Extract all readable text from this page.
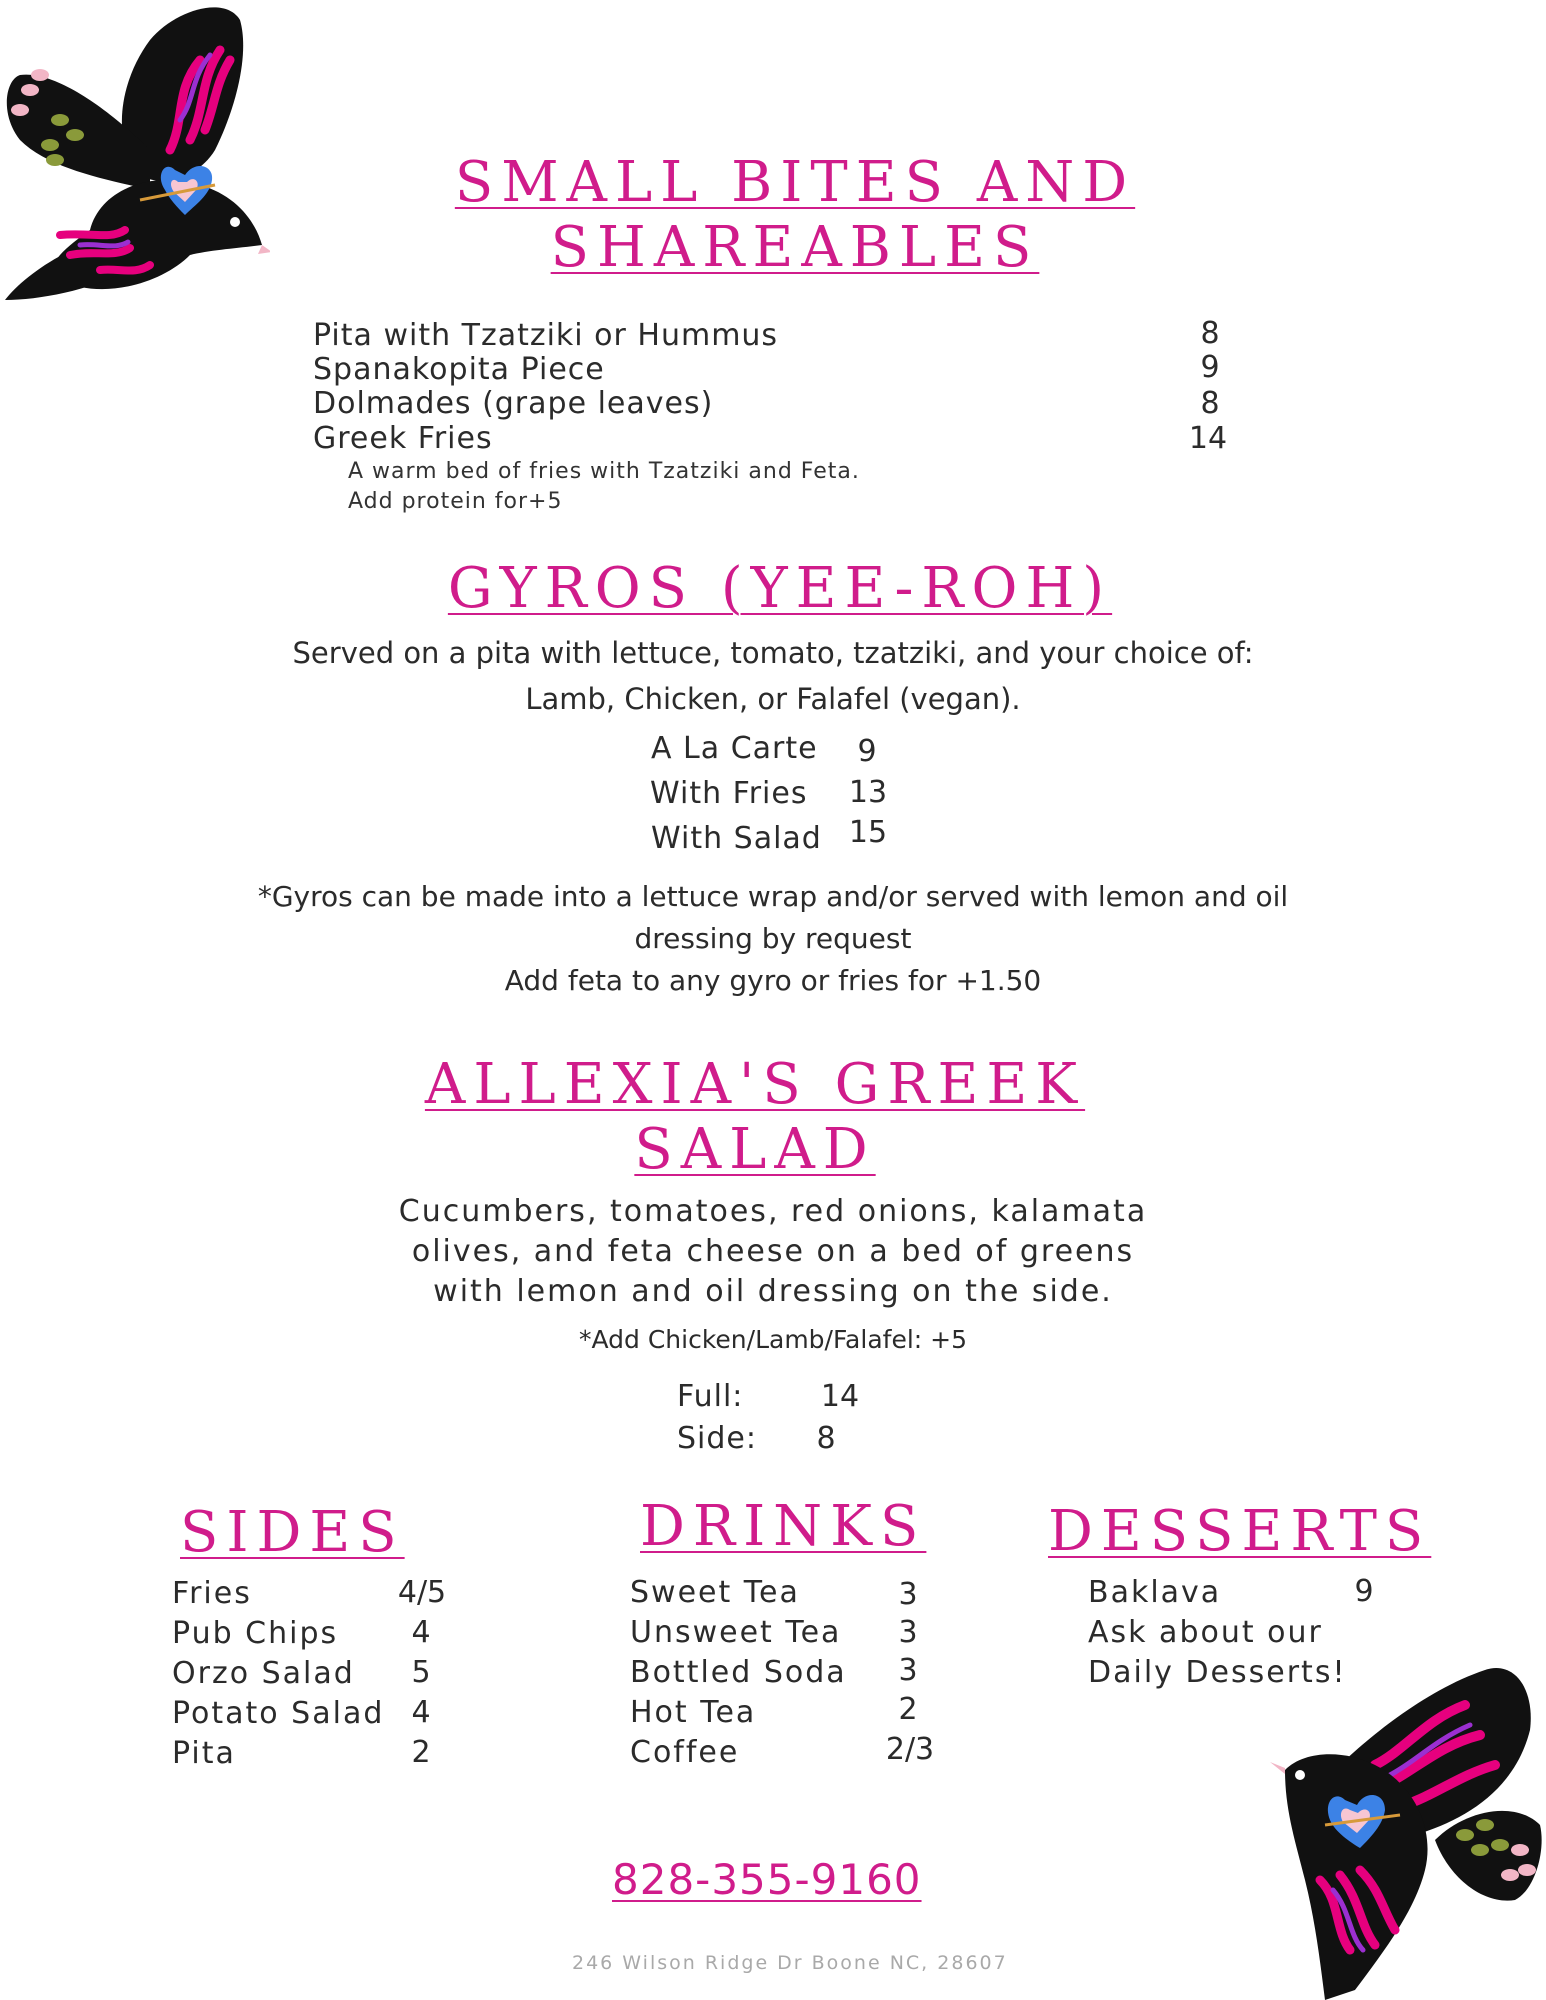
SMALL BITES AND
SHAREABLES
Pita with Tzatziki or Hummus	8
Spanakopita Piece	9
Dolmades (grape leaves)	8
Greek Fries	14
A warm bed of fries with Tzatziki and Feta.
Add protein for+5
GYROS (YEE-ROH)
Served on a pita with lettuce, tomato, tzatziki, and your choice of:
Lamb, Chicken, or Falafel (vegan).
A La Carte 9
With Fries 13
With Salad 15
*Gyros can be made into a lettuce wrap and/or served with lemon and oil
dressing by request
Add feta to any gyro or fries for +1.50
ALLEXIA'S GREEK
SALAD
Cucumbers, tomatoes, red onions, kalamata
olives, and feta cheese on a bed of greens
with lemon and oil dressing on the side.
*Add Chicken/Lamb/Falafel: +5
Full:	14
Side: 8
SIDES
Fries	4/5
Pub Chips 4
Orzo Salad 5
Potato Salad 4
Pita	2
DRINKS
Sweet Tea	3
Unsweet Tea 3
Bottled Soda 3
Hot Tea	2
Coffee	2/3
DESSERTS
Baklava	9
Ask about our
Daily Desserts!
828-355-9160
246 Wilson Ridge Dr Boone NC, 28607
